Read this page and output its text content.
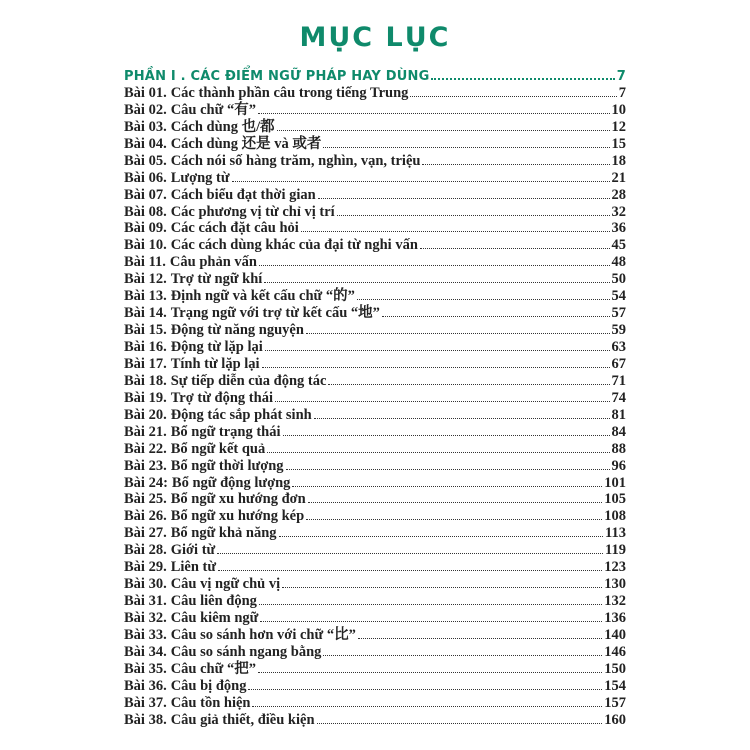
MỤC LỤC
PHẦN I . CÁC ĐIỂM NGỮ PHÁP HAY DÙNG	7
Bài 01. Các thành phần câu trong tiếng Trung	7
Bài 02. Câu chữ “有”	10
Bài 03. Cách dùng 也/都	12
Bài 04. Cách dùng 还是 và 或者	15
Bài 05. Cách nói số hàng trăm, nghìn, vạn, triệu	18
Bài 06. Lượng từ	21
Bài 07. Cách biểu đạt thời gian	28
Bài 08. Các phương vị từ chỉ vị trí	32
Bài 09. Các cách đặt câu hỏi	36
Bài 10. Các cách dùng khác của đại từ nghi vấn	45
Bài 11. Câu phản vấn	48
Bài 12. Trợ từ ngữ khí	50
Bài 13. Định ngữ và kết cấu chữ “的”	54
Bài 14. Trạng ngữ với trợ từ kết cấu “地”	57
Bài 15. Động từ năng nguyện	59
Bài 16. Động từ lặp lại	63
Bài 17. Tính từ lặp lại	67
Bài 18. Sự tiếp diễn của động tác	71
Bài 19. Trợ từ động thái	74
Bài 20. Động tác sắp phát sinh	81
Bài 21. Bổ ngữ trạng thái	84
Bài 22. Bổ ngữ kết quả	88
Bài 23. Bổ ngữ thời lượng	96
Bài 24: Bổ ngữ động lượng	101
Bài 25. Bổ ngữ xu hướng đơn	105
Bài 26. Bổ ngữ xu hướng kép	108
Bài 27. Bổ ngữ khả năng	113
Bài 28. Giới từ	119
Bài 29. Liên từ	123
Bài 30. Câu vị ngữ chủ vị	130
Bài 31. Câu liên động	132
Bài 32. Câu kiêm ngữ	136
Bài 33. Câu so sánh hơn với chữ “比”	140
Bài 34. Câu so sánh ngang bằng	146
Bài 35. Câu chữ “把”	150
Bài 36. Câu bị động	154
Bài 37. Câu tồn hiện	157
Bài 38. Câu giả thiết, điều kiện	160
